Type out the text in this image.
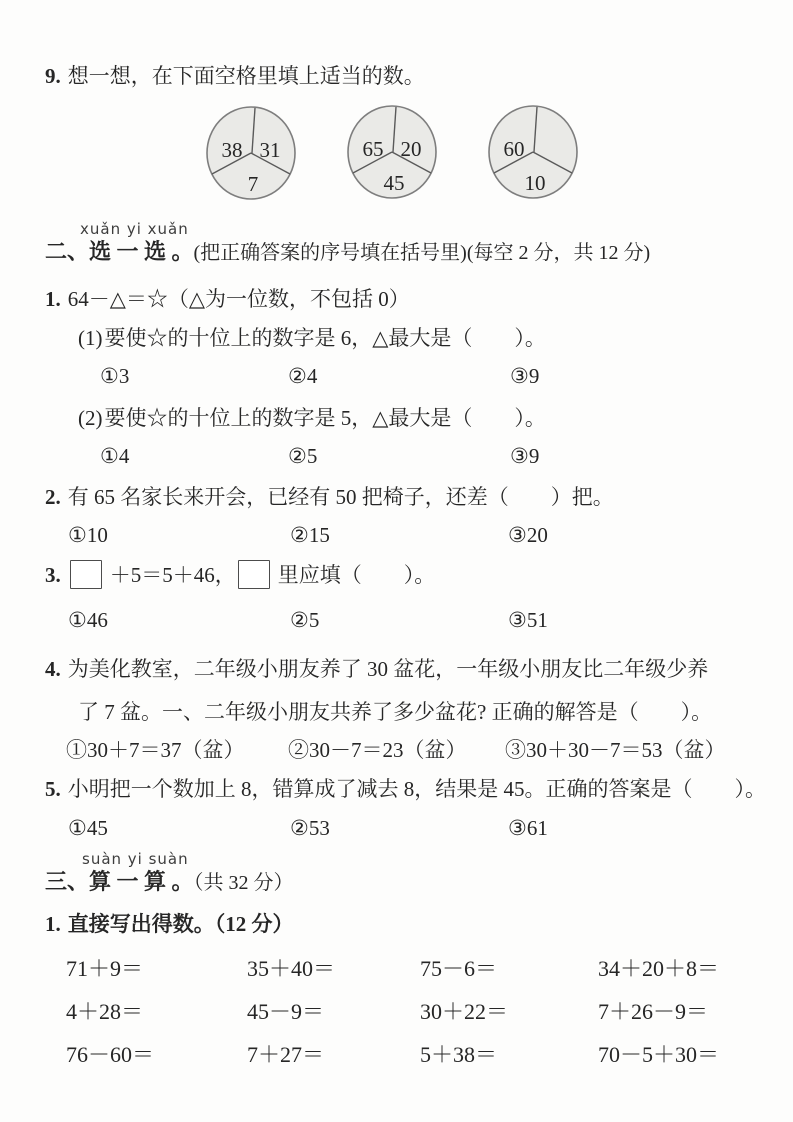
9. 想一想，在下面空格里填上适当的数。
38 31
7
65 20
45
60
10
xuǎn yi xuǎn
二、选 一 选 。(把正确答案的序号填在括号里)(每空 2 分，共 12 分)
1. 64－△＝☆（△为一位数，不包括 0）
(1)要使☆的十位上的数字是 6，△最大是（　　）。
①3	②4	③9
(2)要使☆的十位上的数字是 5，△最大是（　　）。
①4	②5	③9
2. 有 65 名家长来开会，已经有 50 把椅子，还差（　　）把。
①10	②15	③20
3. ＋5＝5＋46， 里应填（　　）。
①46	②5	③51
4. 为美化教室，二年级小朋友养了 30 盆花，一年级小朋友比二年级少养了 7 盆。一、二年级小朋友共养了多少盆花? 正确的解答是（　　）。
①30＋7＝37（盆） ②30－7＝23（盆） ③30＋30－7＝53（盆）
5. 小明把一个数加上 8，错算成了减去 8，结果是 45。正确的答案是（　　）。
①45	②53	③61
suàn yi suàn
三、算 一 算 。（共 32 分）
1. 直接写出得数。（12 分）
71＋9＝	35＋40＝	75－6＝	34＋20＋8＝
4＋28＝	45－9＝	30＋22＝	7＋26－9＝
76－60＝	7＋27＝	5＋38＝	70－5＋30＝
